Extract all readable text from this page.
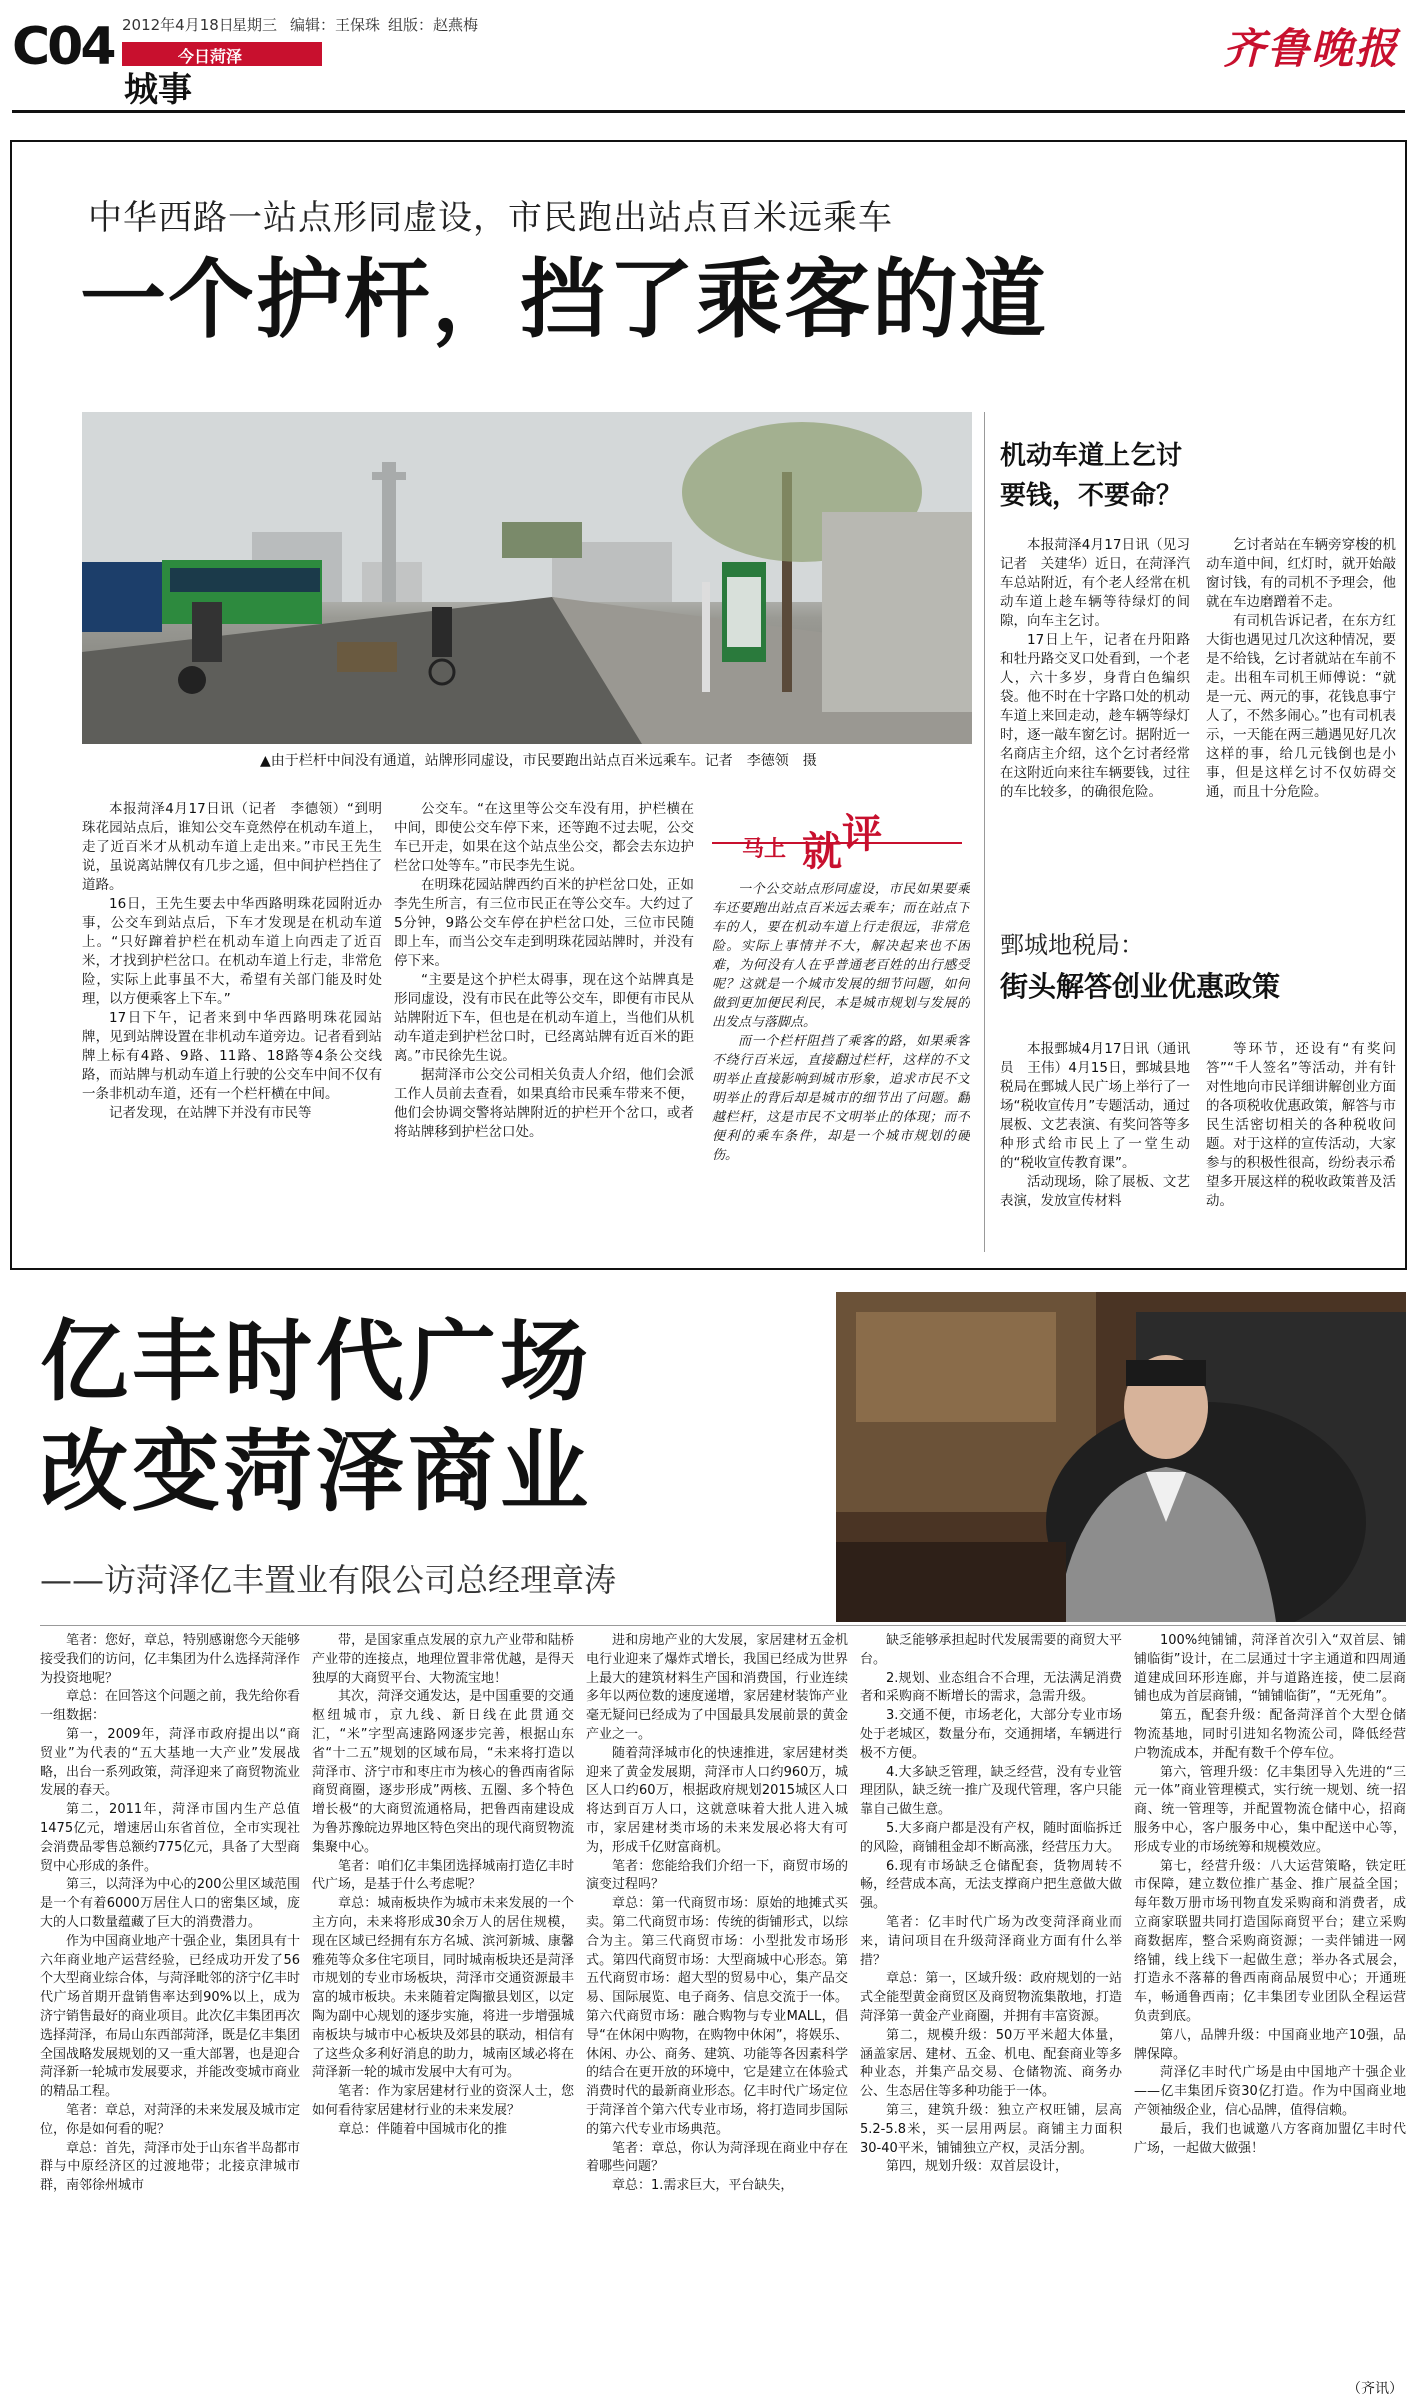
C04 2012年4月18日
星期三 编辑：王保珠 组版：赵燕梅
今日菏泽
城事
齐鲁晚报
中华西路一站点形同虚设，市民跑出站点百米远乘车
一个护杆，挡了乘客的道
▲由于栏杆中间没有通道，站牌形同虚设，市民要跑出站点百米远乘车。记者　李德领　摄

本报菏泽4月17日讯（记者　李德领）“到明珠花园站点后，谁知公交车竟然停在机动车道上，走了近百米才从机动车道上走出来。”市民王先生说，虽说离站牌仅有几步之遥，但中间护栏挡住了道路。

16日，王先生要去中华西路明珠花园附近办事，公交车到站点后，下车才发现是在机动车道上。“只好蹿着护栏在机动车道上向西走了近百米，才找到护栏岔口。在机动车道上行走，非常危险，实际上此事虽不大，希望有关部门能及时处理，以方便乘客上下车。”

17日下午，记者来到中华西路明珠花园站牌，见到站牌设置在非机动车道旁边。记者看到站牌上标有4路、9路、11路、18路等4条公交线路，而站牌与机动车道上行驶的公交车中间不仅有一条非机动车道，还有一个栏杆横在中间。

记者发现，在站牌下并没有市民等

公交车。“在这里等公交车没有用，护栏横在中间，即使公交车停下来，还等跑不过去呢，公交车已开走，如果在这个站点坐公交，都会去东边护栏岔口处等车。”市民李先生说。

在明珠花园站牌西约百米的护栏岔口处，正如李先生所言，有三位市民正在等公交车。大约过了5分钟，9路公交车停在护栏岔口处，三位市民随即上车，而当公交车走到明珠花园站牌时，并没有停下来。

“主要是这个护栏太碍事，现在这个站牌真是形同虚设，没有市民在此等公交车，即便有市民从站牌附近下车，但也是在机动车道上，当他们从机动车道走到护栏岔口时，已经离站牌有近百米的距离。”市民徐先生说。

据菏泽市公交公司相关负责人介绍，他们会派工作人员前去查看，如果真给市民乘车带来不便，他们会协调交警将站牌附近的护栏开个岔口，或者将站牌移到护栏岔口处。

马上 就 评

一个公交站点形同虚设，市民如果要乘车还要跑出站点百米远去乘车；而在站点下车的人，要在机动车道上行走很远，非常危险。实际上事情并不大，解决起来也不困难，为何没有人在乎普通老百姓的出行感受呢？这就是一个城市发展的细节问题，如何做到更加便民利民，本是城市规划与发展的出发点与落脚点。

而一个栏杆阻挡了乘客的路，如果乘客不绕行百米远，直接翻过栏杆，这样的不文明举止直接影响到城市形象，追求市民不文明举止的背后却是城市的细节出了问题。翻越栏杆，这是市民不文明举止的体现；而不便利的乘车条件，却是一个城市规划的硬伤。

机动车道上乞讨
要钱，不要命？

本报菏泽4月17日讯（见习记者　关建华）近日，在菏泽汽车总站附近，有个老人经常在机动车道上趁车辆等待绿灯的间隙，向车主乞讨。

17日上午，记者在丹阳路和牡丹路交叉口处看到，一个老人，六十多岁，身背白色编织袋。他不时在十字路口处的机动车道上来回走动，趁车辆等绿灯时，逐一敲车窗乞讨。据附近一名商店主介绍，这个乞讨者经常在这附近向来往车辆要钱，过往的车比较多，的确很危险。

乞讨者站在车辆旁穿梭的机动车道中间，红灯时，就开始敲窗讨钱，有的司机不予理会，他就在车边磨蹭着不走。

有司机告诉记者，在东方红大街也遇见过几次这种情况，要是不给钱，乞讨者就站在车前不走。出租车司机王师傅说：“就是一元、两元的事，花钱息事宁人了，不然多闹心。”也有司机表示，一天能在两三趟遇见好几次这样的事，给几元钱倒也是小事，但是这样乞讨不仅妨碍交通，而且十分危险。

鄄城地税局：
街头解答创业优惠政策

本报鄄城4月17日讯（通讯员　王伟）4月15日，鄄城县地税局在鄄城人民广场上举行了一场“税收宣传月”专题活动，通过展板、文艺表演、有奖问答等多种形式给市民上了一堂生动的“税收宣传教育课”。

活动现场，除了展板、文艺表演，发放宣传材料

等环节，还设有“有奖问答”“千人签名”等活动，并有针对性地向市民详细讲解创业方面的各项税收优惠政策，解答与市民生活密切相关的各种税收问题。对于这样的宣传活动，大家参与的积极性很高，纷纷表示希望多开展这样的税收政策普及活动。

亿丰时代广场
改变菏泽商业
——访菏泽亿丰置业有限公司总经理章涛

笔者：您好，章总，特别感谢您今天能够接受我们的访问，亿丰集团为什么选择菏泽作为投资地呢？

章总：在回答这个问题之前，我先给你看一组数据：

第一，2009年，菏泽市政府提出以“商贸业”为代表的“五大基地一大产业”发展战略，出台一系列政策，菏泽迎来了商贸物流业发展的春天。

第二，2011年，菏泽市国内生产总值1475亿元，增速居山东省首位，全市实现社会消费品零售总额约775亿元，具备了大型商贸中心形成的条件。

第三，以菏泽为中心的200公里区域范围是一个有着6000万居住人口的密集区域，庞大的人口数量蕴藏了巨大的消费潜力。

作为中国商业地产十强企业，集团具有十六年商业地产运营经验，已经成功开发了56个大型商业综合体，与菏泽毗邻的济宁亿丰时代广场首期开盘销售率达到90%以上，成为济宁销售最好的商业项目。此次亿丰集团再次选择菏泽，布局山东西部菏泽，既是亿丰集团全国战略发展规划的又一重大部署，也是迎合菏泽新一轮城市发展要求，并能改变城市商业的精品工程。

笔者：章总，对菏泽的未来发展及城市定位，你是如何看的呢？

章总：首先，菏泽市处于山东省半岛都市群与中原经济区的过渡地带；北接京津城市群，南邻徐州城市

带，是国家重点发展的京九产业带和陆桥产业带的连接点，地理位置非常优越，是得天独厚的大商贸平台、大物流宝地！

其次，菏泽交通发达，是中国重要的交通枢纽城市，京九线、新日线在此贯通交汇，“米”字型高速路网逐步完善，根据山东省“十二五”规划的区域布局，“未来将打造以菏泽市、济宁市和枣庄市为核心的鲁西南省际商贸商圈，逐步形成”两核、五圈、多个特色增长极“的大商贸流通格局，把鲁西南建设成为鲁苏豫皖边界地区特色突出的现代商贸物流集聚中心。

笔者：咱们亿丰集团选择城南打造亿丰时代广场，是基于什么考虑呢？

章总：城南板块作为城市未来发展的一个主方向，未来将形成30余万人的居住规模，现在区域已经拥有东方名城、滨河新城、康馨雅苑等众多住宅项目，同时城南板块还是菏泽市规划的专业市场板块，菏泽市交通资源最丰富的城市板块。未来随着定陶撤县划区，以定陶为副中心规划的逐步实施，将进一步增强城南板块与城市中心板块及郊县的联动，相信有了这些众多利好消息的助力，城南区域必将在菏泽新一轮的城市发展中大有可为。

笔者：作为家居建材行业的资深人士，您如何看待家居建材行业的未来发展？

章总：伴随着中国城市化的推

进和房地产业的大发展，家居建材五金机电行业迎来了爆炸式增长，我国已经成为世界上最大的建筑材料生产国和消费国，行业连续多年以两位数的速度递增，家居建材装饰产业毫无疑问已经成为了中国最具发展前景的黄金产业之一。

随着菏泽城市化的快速推进，家居建材类迎来了黄金发展期，菏泽市人口约960万，城区人口约60万，根据政府规划2015城区人口将达到百万人口，这就意味着大批人进入城市，家居建材类市场的未来发展必将大有可为，形成千亿财富商机。

笔者：您能给我们介绍一下，商贸市场的演变过程吗？

章总：第一代商贸市场：原始的地摊式买卖。第二代商贸市场：传统的街铺形式，以综合为主。第三代商贸市场：小型批发市场形式。第四代商贸市场：大型商城中心形态。第五代商贸市场：超大型的贸易中心，集产品交易、国际展览、电子商务、信息交流于一体。第六代商贸市场：融合购物与专业MALL，倡导“在休闲中购物，在购物中休闲”，将娱乐、休闲、办公、商务、建筑、功能等各因素科学的结合在更开放的环境中，它是建立在体验式消费时代的最新商业形态。亿丰时代广场定位于菏泽首个第六代专业市场，将打造同步国际的第六代专业市场典范。

笔者：章总，你认为菏泽现在商业中存在着哪些问题？

章总：1.需求巨大，平台缺失，

缺乏能够承担起时代发展需要的商贸大平台。

2.规划、业态组合不合理，无法满足消费者和采购商不断增长的需求，急需升级。

3.交通不便，市场老化，大部分专业市场处于老城区，数量分布，交通拥堵，车辆进行极不方便。

4.大多缺乏管理，缺乏经营，没有专业管理团队，缺乏统一推广及现代管理，客户只能靠自己做生意。

5.大多商户都是没有产权，随时面临拆迁的风险，商铺租金却不断高涨，经营压力大。

6.现有市场缺乏仓储配套，货物周转不畅，经营成本高，无法支撑商户把生意做大做强。

笔者：亿丰时代广场为改变菏泽商业而来，请问项目在升级菏泽商业方面有什么举措？

章总：第一，区域升级：政府规划的一站式全能型黄金商贸区及商贸物流集散地，打造菏泽第一黄金产业商圈，并拥有丰富资源。

第二，规模升级：50万平米超大体量，涵盖家居、建材、五金、机电、配套商业等多种业态，并集产品交易、仓储物流、商务办公、生态居住等多种功能于一体。

第三，建筑升级：独立产权旺铺，层高5.2-5.8米，买一层用两层。商铺主力面积30-40平米，铺铺独立产权，灵活分割。

第四，规划升级：双首层设计，

100%纯铺铺，菏泽首次引入“双首层、铺铺临街”设计，在二层通过十字主通道和四周通道建成回环形连廊，并与道路连接，使二层商铺也成为首层商铺，“铺铺临街”，“无死角”。

第五，配套升级：配备菏泽首个大型仓储物流基地，同时引进知名物流公司，降低经营户物流成本，并配有数千个停车位。

第六，管理升级：亿丰集团导入先进的“三元一体”商业管理模式，实行统一规划、统一招商、统一管理等，并配置物流仓储中心，招商服务中心，客户服务中心，集中配送中心等，形成专业的市场统筹和规模效应。

第七，经营升级：八大运营策略，铁定旺市保障，建立数位推广基金、推广展益全国；每年数万册市场刊物直发采购商和消费者，成立商家联盟共同打造国际商贸平台；建立采购商数据库，整合采购商资源；一卖伴铺进一网络铺，线上线下一起做生意；举办各式展会，打造永不落幕的鲁西南商品展贸中心；开通班车，畅通鲁西南；亿丰集团专业团队全程运营负责到底。

第八，品牌升级：中国商业地产10强，品牌保障。

菏泽亿丰时代广场是由中国地产十强企业——亿丰集团斥资30亿打造。作为中国商业地产领袖级企业，信心品牌，值得信赖。

最后，我们也诚邀八方客商加盟亿丰时代广场，一起做大做强！

（齐讯）
